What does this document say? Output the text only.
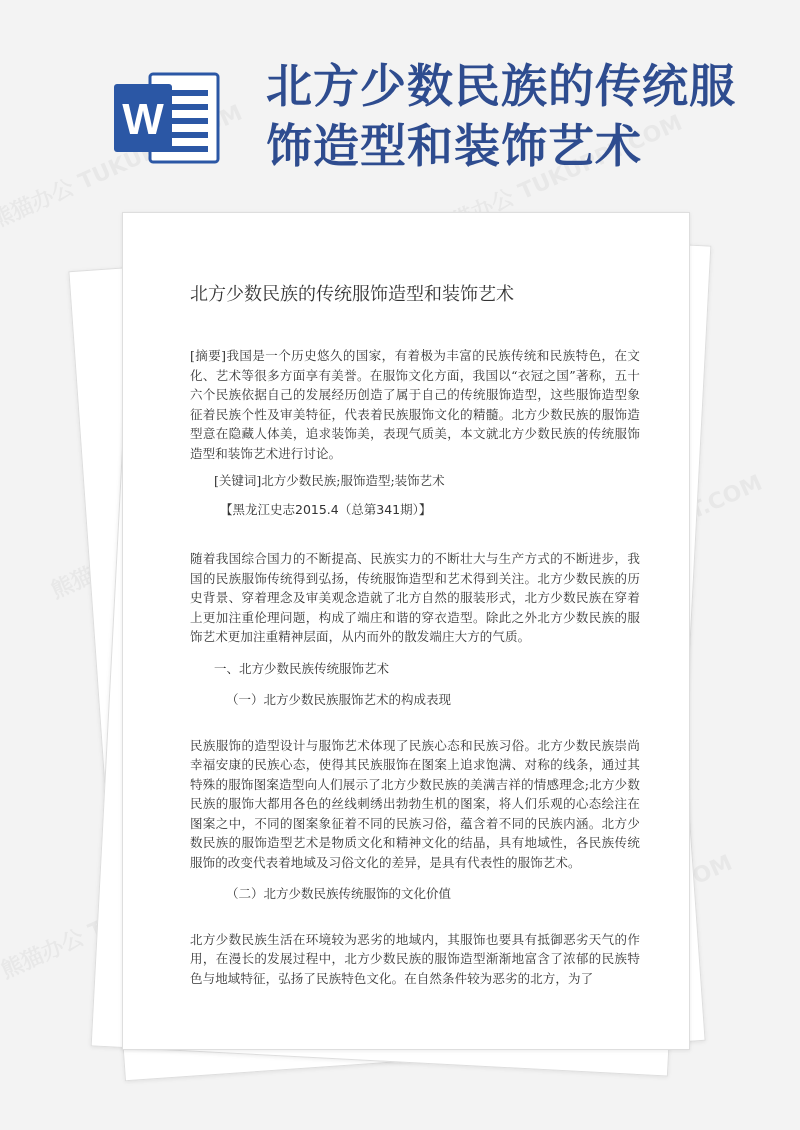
W
北方少数民族的传统服饰造型和装饰艺术
北方少数民族的传统服饰造型和装饰艺术

[摘要]我国是一个历史悠久的国家，有着极为丰富的民族传统和民族特色，在文化、艺术等很多方面享有美誉。在服饰文化方面，我国以“衣冠之国”著称，五十六个民族依据自己的发展经历创造了属于自己的传统服饰造型，这些服饰造型象征着民族个性及审美特征，代表着民族服饰文化的精髓。北方少数民族的服饰造型意在隐藏人体美，追求装饰美，表现气质美，本文就北方少数民族的传统服饰造型和装饰艺术进行讨论。

[关键词]北方少数民族;服饰造型;装饰艺术
【黑龙江史志2015.4（总第341期）】

随着我国综合国力的不断提高、民族实力的不断壮大与生产方式的不断进步，我国的民族服饰传统得到弘扬，传统服饰造型和艺术得到关注。北方少数民族的历史背景、穿着理念及审美观念造就了北方自然的服装形式，北方少数民族在穿着上更加注重伦理问题，构成了端庄和谐的穿衣造型。除此之外北方少数民族的服饰艺术更加注重精神层面，从内而外的散发端庄大方的气质。

一、北方少数民族传统服饰艺术
（一）北方少数民族服饰艺术的构成表现

民族服饰的造型设计与服饰艺术体现了民族心态和民族习俗。北方少数民族崇尚幸福安康的民族心态，使得其民族服饰在图案上追求饱满、对称的线条，通过其特殊的服饰图案造型向人们展示了北方少数民族的美满吉祥的情感理念;北方少数民族的服饰大都用各色的丝线刺绣出勃勃生机的图案，将人们乐观的心态绘注在图案之中，不同的图案象征着不同的民族习俗，蕴含着不同的民族内涵。北方少数民族的服饰造型艺术是物质文化和精神文化的结晶，具有地域性，各民族传统服饰的改变代表着地域及习俗文化的差异，是具有代表性的服饰艺术。

（二）北方少数民族传统服饰的文化价值

北方少数民族生活在环境较为恶劣的地域内，其服饰也要具有抵御恶劣天气的作用，在漫长的发展过程中，北方少数民族的服饰造型渐渐地富含了浓郁的民族特色与地域特征，弘扬了民族特色文化。在自然条件较为恶劣的北方，为了
